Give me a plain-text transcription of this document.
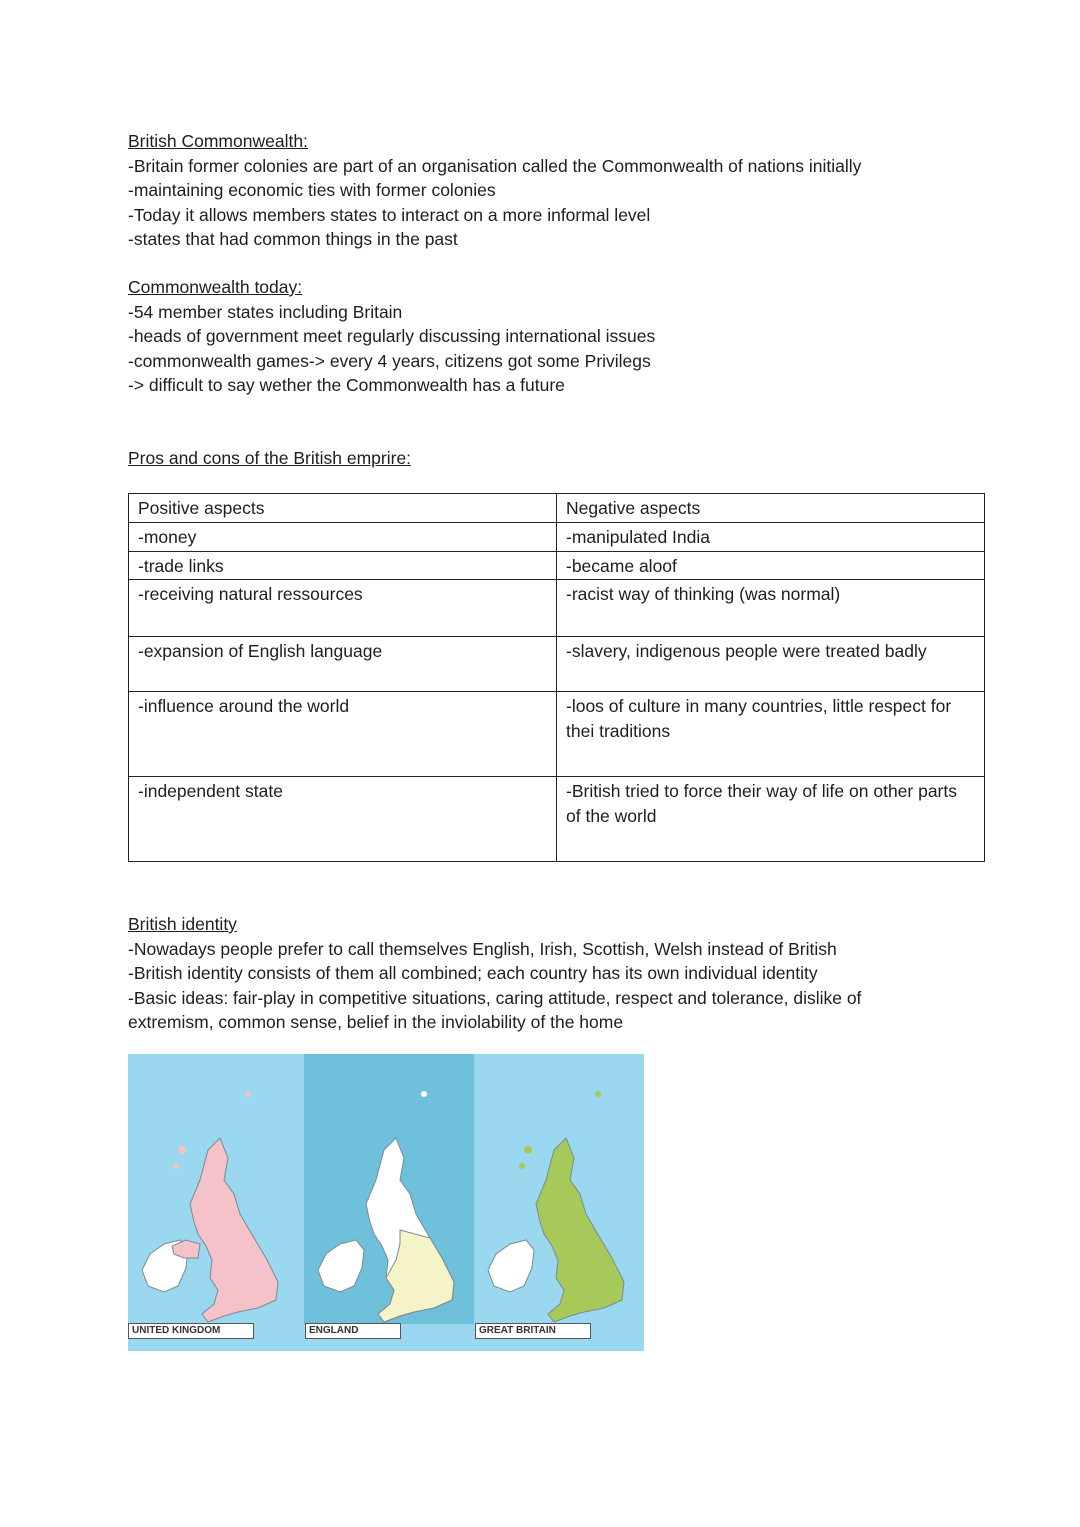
British Commonwealth:
-Britain former colonies are part of an organisation called the Commonwealth of nations initially
-maintaining economic ties with former colonies
-Today it allows members states to interact on a more informal level
-states that had common things in the past
Commonwealth today:
-54 member states including Britain
-heads of government meet regularly discussing international issues
-commonwealth games-> every 4 years, citizens got some Privilegs
-> difficult to say wether the Commonwealth has a future
Pros and cons of the British emprire:
Positive aspects	Negative aspects
-money	-manipulated India
-trade links	-became aloof
-receiving natural ressources	-racist way of thinking (was normal)
-expansion of English language	-slavery, indigenous people were treated badly
-influence around the world	-loos of culture in many countries, little respect for thei traditions
-independent state	-British tried to force their way of life on other parts of the world
British identity
-Nowadays people prefer to call themselves English, Irish, Scottish, Welsh instead of British
-British identity consists of them all combined; each country has its own individual identity
-Basic ideas: fair-play in competitive situations, caring attitude, respect and tolerance, dislike of extremism, common sense, belief in the inviolability of the home
UNITED KINGDOM	ENGLAND	GREAT BRITAIN
